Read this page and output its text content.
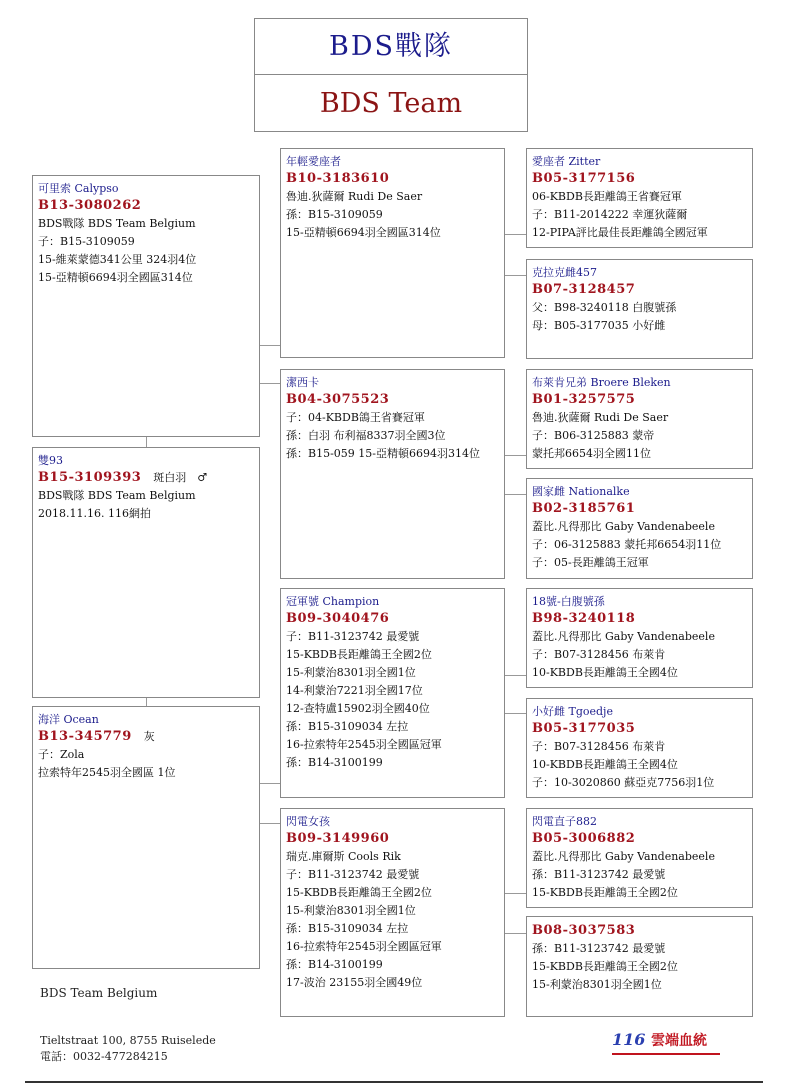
BDS戰隊
BDS Team
可里索 Calypso
B13-3080262
BDS戰隊 BDS Team Belgium
子：B15-3109059
15-維萊蒙德341公里 324羽4位
15-亞精頓6694羽全國區314位
雙93
B15-3109393 斑白羽　♂
BDS戰隊 BDS Team Belgium
2018.11.16. 116網拍
海洋 Ocean
B13-345779 灰
子：Zola
拉索特年2545羽全國區 1位
年輕愛座者
B10-3183610
魯迪.狄薩爾 Rudi De Saer
孫：B15-3109059
15-亞精頓6694羽全國區314位
潔西卡
B04-3075523
子：04-KBDB鴿王省賽冠軍
孫：白羽 布利福8337羽全國3位
孫：B15-059 15-亞精頓6694羽314位
冠軍號 Champion
B09-3040476
子：B11-3123742 最愛號
15-KBDB長距離鴿王全國2位
15-利蒙治8301羽全國1位
14-利蒙治7221羽全國17位
12-查特盧15902羽全國40位
孫：B15-3109034 左拉
16-拉索特年2545羽全國區冠軍
孫：B14-3100199
閃電女孩
B09-3149960
瑞克.庫爾斯 Cools Rik
子：B11-3123742 最愛號
15-KBDB長距離鴿王全國2位
15-利蒙治8301羽全國1位
孫：B15-3109034 左拉
16-拉索特年2545羽全國區冠軍
孫：B14-3100199
17-波治 23155羽全國49位
愛座者 Zitter
B05-3177156
06-KBDB長距離鴿王省賽冠軍
子：B11-2014222 幸運狄薩爾
12-PIPA評比最佳長距離鴿全國冠軍
克拉克雌457
B07-3128457
父：B98-3240118 白腹號孫
母：B05-3177035 小好雌
布萊肯兄弟 Broere Bleken
B01-3257575
魯迪.狄薩爾 Rudi De Saer
子：B06-3125883 蒙帝
蒙托邦6654羽全國11位
國家雌 Nationalke
B02-3185761
蓋比.凡得那比 Gaby Vandenabeele
子：06-3125883 蒙托邦6654羽11位
子：05-長距離鴿王冠軍
18號-白腹號孫
B98-3240118
蓋比.凡得那比 Gaby Vandenabeele
子：B07-3128456 布萊肯
10-KBDB長距離鴿王全國4位
小好雌 Tgoedje
B05-3177035
子：B07-3128456 布萊肯
10-KBDB長距離鴿王全國4位
子：10-3020860 蘇亞克7756羽1位
閃電直子882
B05-3006882
蓋比.凡得那比 Gaby Vandenabeele
孫：B11-3123742 最愛號
15-KBDB長距離鴿王全國2位
B08-3037583
孫：B11-3123742 最愛號
15-KBDB長距離鴿王全國2位
15-利蒙治8301羽全國1位
BDS Team Belgium
Tieltstraat 100, 8755 Ruiselede
電話：0032-477284215
116 雲端血統
